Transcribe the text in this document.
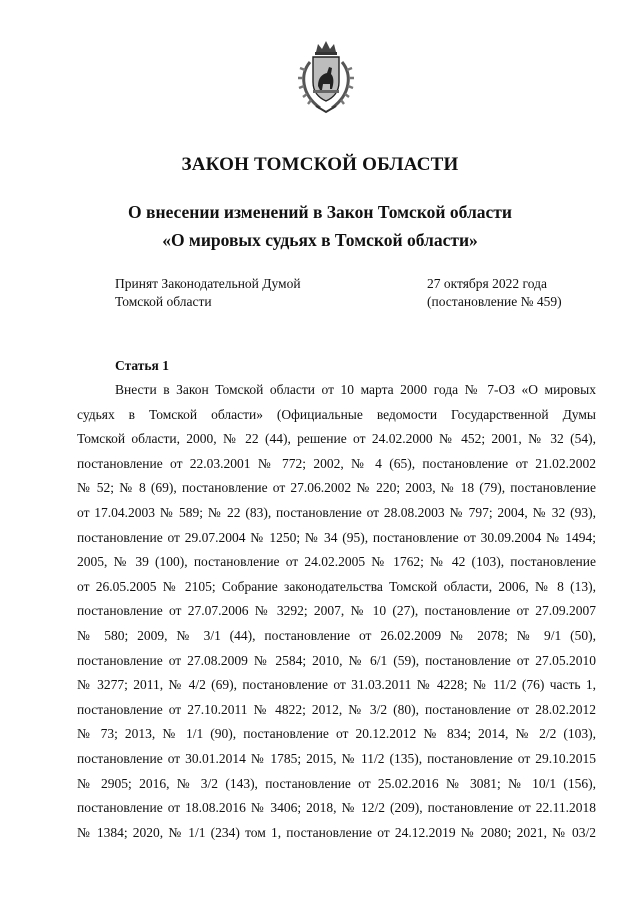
ЗАКОН ТОМСКОЙ ОБЛАСТИ
О внесении изменений в Закон Томской области
«О мировых судьях в Томской области»
Принят Законодательной Думой
Томской области
27 октября 2022 года
(постановление № 459)
Статья 1
Внести в Закон Томской области от 10 марта 2000 года № 7-ОЗ «О мировых
судьях в Томской области» (Официальные ведомости Государственной Думы
Томской области, 2000, № 22 (44), решение от 24.02.2000 № 452; 2001, № 32 (54),
постановление от 22.03.2001 № 772; 2002, № 4 (65), постановление от 21.02.2002
№ 52; № 8 (69), постановление от 27.06.2002 № 220; 2003, № 18 (79), постановление
от 17.04.2003 № 589; № 22 (83), постановление от 28.08.2003 № 797; 2004, № 32 (93),
постановление от 29.07.2004 № 1250; № 34 (95), постановление от 30.09.2004 № 1494;
2005, № 39 (100), постановление от 24.02.2005 № 1762; № 42 (103), постановление
от 26.05.2005 № 2105; Собрание законодательства Томской области, 2006, № 8 (13),
постановление от 27.07.2006 № 3292; 2007, № 10 (27), постановление от 27.09.2007
№ 580; 2009, № 3/1 (44), постановление от 26.02.2009 № 2078; № 9/1 (50),
постановление от 27.08.2009 № 2584; 2010, № 6/1 (59), постановление от 27.05.2010
№ 3277; 2011, № 4/2 (69), постановление от 31.03.2011 № 4228; № 11/2 (76) часть 1,
постановление от 27.10.2011 № 4822; 2012, № 3/2 (80), постановление от 28.02.2012
№ 73; 2013, № 1/1 (90), постановление от 20.12.2012 № 834; 2014, № 2/2 (103),
постановление от 30.01.2014 № 1785; 2015, № 11/2 (135), постановление от 29.10.2015
№ 2905; 2016, № 3/2 (143), постановление от 25.02.2016 № 3081; № 10/1 (156),
постановление от 18.08.2016 № 3406; 2018, № 12/2 (209), постановление от 22.11.2018
№ 1384; 2020, № 1/1 (234) том 1, постановление от 24.12.2019 № 2080; 2021, № 03/2
